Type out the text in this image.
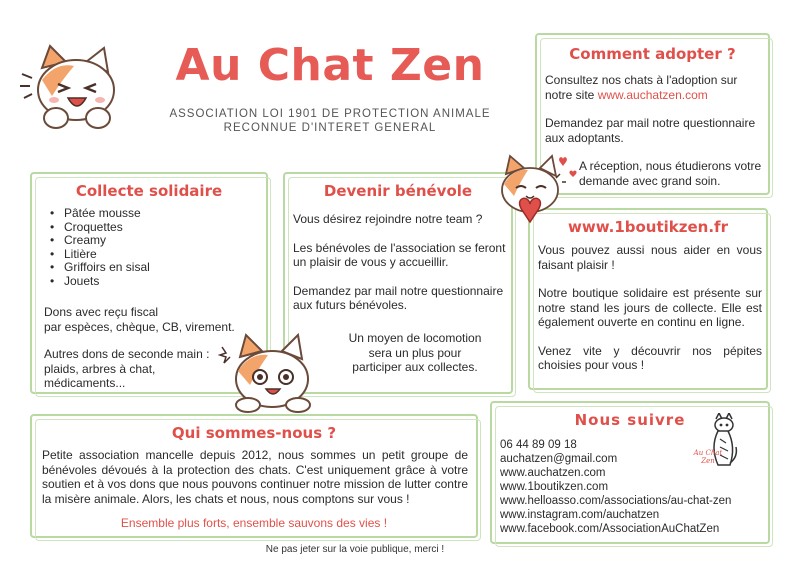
Au Chat Zen
ASSOCIATION LOI 1901 DE PROTECTION ANIMALE
RECONNUE D'INTERET GENERAL
Comment adopter ?

Consultez nos chats à l'adoption sur notre site www.auchatzen.com

Demandez par mail notre questionnaire aux adoptants.

A réception, nous étudierons votre demande avec grand soin.

Collecte solidaire
• Pâtée mousse
• Croquettes
• Creamy
• Litière
• Griffoirs en sisal
• Jouets
Dons avec reçu fiscal
par espèces, chèque, CB, virement.
Autres dons de seconde main :
plaids, arbres à chat,
médicaments...
Devenir bénévole

Vous désirez rejoindre notre team ?

Les bénévoles de l'association se feront un plaisir de vous y accueillir.

Demandez par mail notre questionnaire aux futurs bénévoles.

Un moyen de locomotion
sera un plus pour
participer aux collectes.
www.1boutikzen.fr

Vous pouvez aussi nous aider en vous faisant plaisir !

Notre boutique solidaire est présente sur notre stand les jours de collecte. Elle est également ouverte en continu en ligne.

Venez vite y découvrir nos pépites choisies pour vous !

Qui sommes-nous ?
Petite association mancelle depuis 2012, nous sommes un petit groupe de bénévoles dévoués à la protection des chats. C'est uniquement grâce à votre soutien et à vos dons que nous pouvons continuer notre mission de lutter contre la misère animale. Alors, les chats et nous, nous comptons sur vous !
Ensemble plus forts, ensemble sauvons des vies !
Nous suivre
06 44 89 09 18
auchatzen@gmail.com
www.auchatzen.com
www.1boutikzen.com
www.helloasso.com/associations/au-chat-zen
www.instagram.com/auchatzen
www.facebook.com/AssociationAuChatZen
Au Chat Zen
Ne pas jeter sur la voie publique, merci !
